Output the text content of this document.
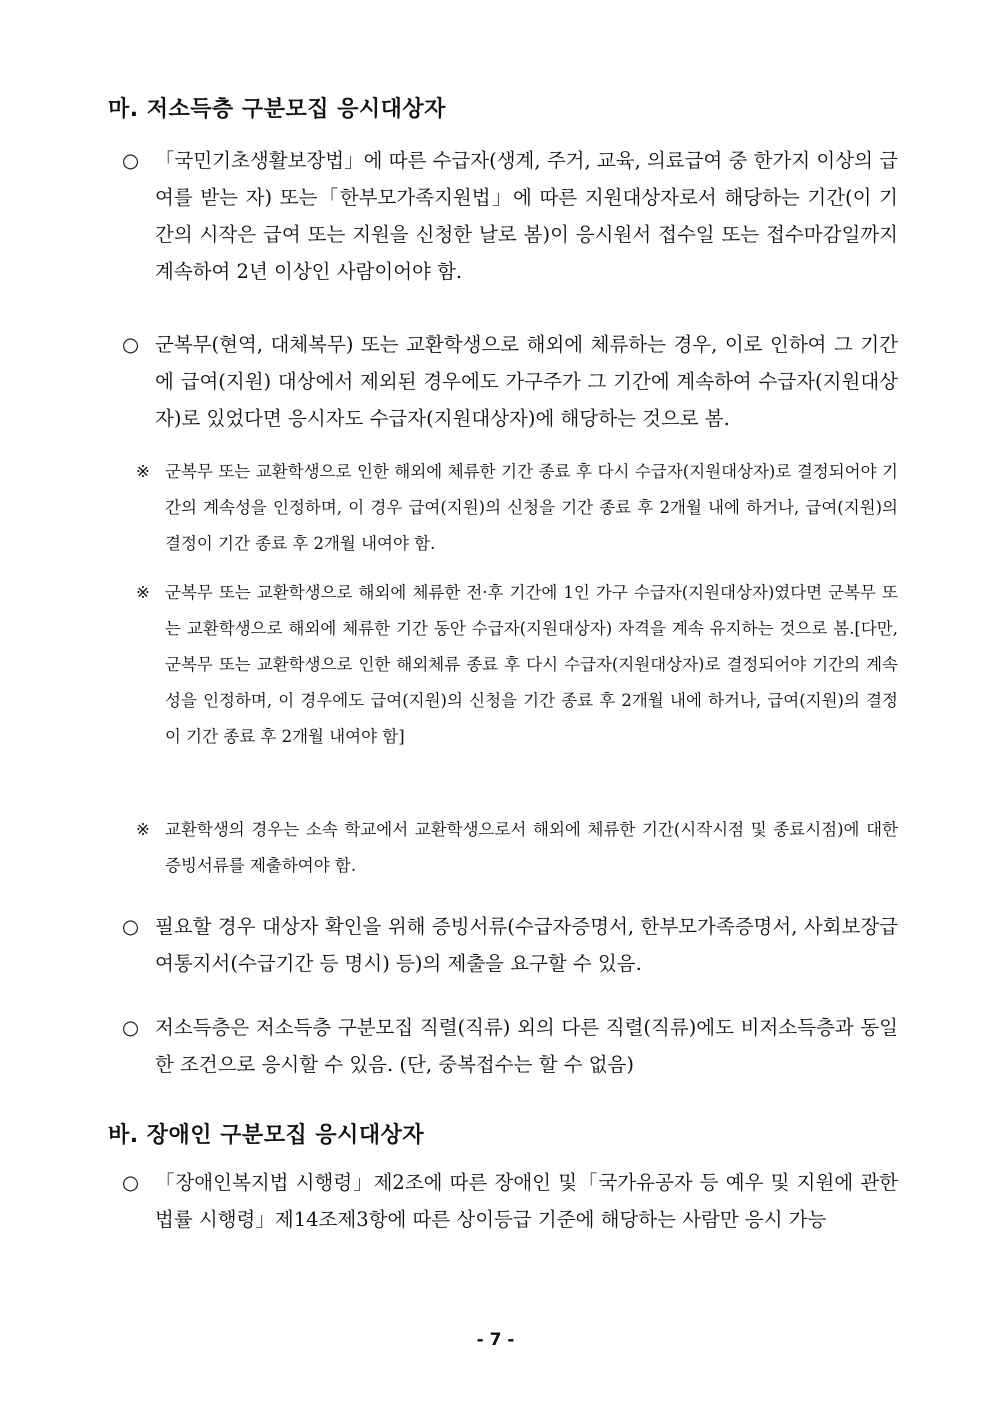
마. 저소득층 구분모집 응시대상자
○ 「국민기초생활보장법」에 따른 수급자(생계, 주거, 교육, 의료급여 중 한가지 이상의 급여를 받는 자) 또는「한부모가족지원법」에 따른 지원대상자로서 해당하는 기간(이 기간의 시작은 급여 또는 지원을 신청한 날로 봄)이 응시원서 접수일 또는 접수마감일까지 계속하여 2년 이상인 사람이어야 함.
○ 군복무(현역, 대체복무) 또는 교환학생으로 해외에 체류하는 경우, 이로 인하여 그 기간에 급여(지원) 대상에서 제외된 경우에도 가구주가 그 기간에 계속하여 수급자(지원대상자)로 있었다면 응시자도 수급자(지원대상자)에 해당하는 것으로 봄.
※ 군복무 또는 교환학생으로 인한 해외에 체류한 기간 종료 후 다시 수급자(지원대상자)로 결정되어야 기간의 계속성을 인정하며, 이 경우 급여(지원)의 신청을 기간 종료 후 2개월 내에 하거나, 급여(지원)의 결정이 기간 종료 후 2개월 내여야 함.
※ 군복무 또는 교환학생으로 해외에 체류한 전·후 기간에 1인 가구 수급자(지원대상자)였다면 군복무 또는 교환학생으로 해외에 체류한 기간 동안 수급자(지원대상자) 자격을 계속 유지하는 것으로 봄.[다만, 군복무 또는 교환학생으로 인한 해외체류 종료 후 다시 수급자(지원대상자)로 결정되어야 기간의 계속성을 인정하며, 이 경우에도 급여(지원)의 신청을 기간 종료 후 2개월 내에 하거나, 급여(지원)의 결정이 기간 종료 후 2개월 내여야 함]
※ 교환학생의 경우는 소속 학교에서 교환학생으로서 해외에 체류한 기간(시작시점 및 종료시점)에 대한 증빙서류를 제출하여야 함.
○ 필요할 경우 대상자 확인을 위해 증빙서류(수급자증명서, 한부모가족증명서, 사회보장급여통지서(수급기간 등 명시) 등)의 제출을 요구할 수 있음.
○ 저소득층은 저소득층 구분모집 직렬(직류) 외의 다른 직렬(직류)에도 비저소득층과 동일한 조건으로 응시할 수 있음. (단, 중복접수는 할 수 없음)
바. 장애인 구분모집 응시대상자
○ 「장애인복지법 시행령」제2조에 따른 장애인 및「국가유공자 등 예우 및 지원에 관한 법률 시행령」제14조제3항에 따른 상이등급 기준에 해당하는 사람만 응시 가능
- 7 -
